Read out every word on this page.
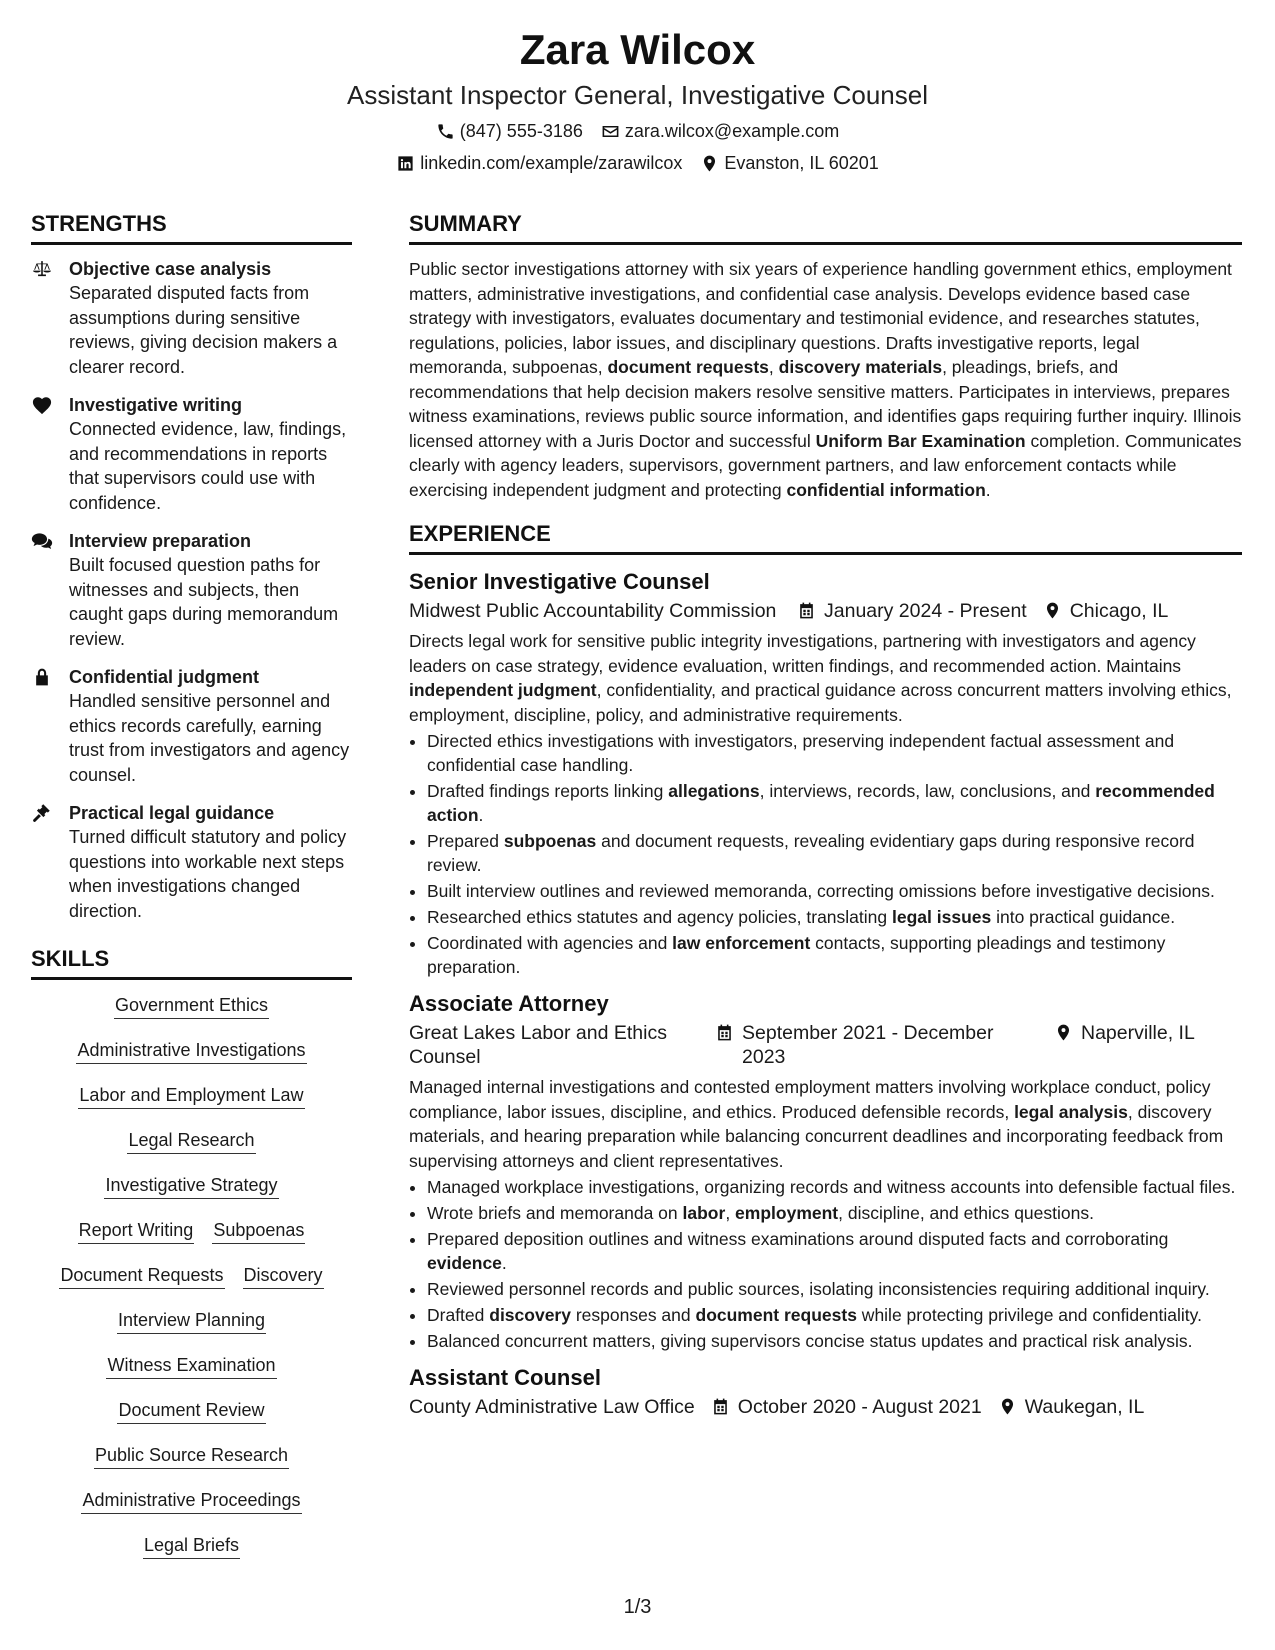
Zara Wilcox
Assistant Inspector General, Investigative Counsel
(847) 555-3186 zara.wilcox@example.com
linkedin.com/example/zarawilcox Evanston, IL 60201
STRENGTHS
Objective case analysis
Separated disputed facts from assumptions during sensitive reviews, giving decision makers a clearer record.
Investigative writing
Connected evidence, law, findings, and recommendations in reports that supervisors could use with confidence.
Interview preparation
Built focused question paths for witnesses and subjects, then caught gaps during memorandum review.
Confidential judgment
Handled sensitive personnel and ethics records carefully, earning trust from investigators and agency counsel.
Practical legal guidance
Turned difficult statutory and policy questions into workable next steps when investigations changed direction.
SKILLS
Government Ethics
Administrative Investigations
Labor and Employment Law
Legal Research
Investigative Strategy
Report Writing Subpoenas
Document Requests Discovery
Interview Planning
Witness Examination
Document Review
Public Source Research
Administrative Proceedings
Legal Briefs
SUMMARY

Public sector investigations attorney with six years of experience handling government ethics, employment matters, administrative investigations, and confidential case analysis. Develops evidence based case strategy with investigators, evaluates documentary and testimonial evidence, and researches statutes, regulations, policies, labor issues, and disciplinary questions. Drafts investigative reports, legal memoranda, subpoenas, document requests, discovery materials, pleadings, briefs, and recommendations that help decision makers resolve sensitive matters. Participates in interviews, prepares witness examinations, reviews public source information, and identifies gaps requiring further inquiry. Illinois licensed attorney with a Juris Doctor and successful Uniform Bar Examination completion. Communicates clearly with agency leaders, supervisors, government partners, and law enforcement contacts while exercising independent judgment and protecting confidential information.

EXPERIENCE
Senior Investigative Counsel
Midwest Public Accountability Commission January 2024 - Present Chicago, IL

Directs legal work for sensitive public integrity investigations, partnering with investigators and agency leaders on case strategy, evidence evaluation, written findings, and recommended action. Maintains independent judgment, confidentiality, and practical guidance across concurrent matters involving ethics, employment, discipline, policy, and administrative requirements.

• Directed ethics investigations with investigators, preserving independent factual assessment and confidential case handling.
• Drafted findings reports linking allegations, interviews, records, law, conclusions, and recommended action.
• Prepared subpoenas and document requests, revealing evidentiary gaps during responsive record review.
• Built interview outlines and reviewed memoranda, correcting omissions before investigative decisions.
• Researched ethics statutes and agency policies, translating legal issues into practical guidance.
• Coordinated with agencies and law enforcement contacts, supporting pleadings and testimony preparation.
Associate Attorney
Great Lakes Labor and Ethics Counsel
September 2021 - December 2023
Naperville, IL

Managed internal investigations and contested employment matters involving workplace conduct, policy compliance, labor issues, discipline, and ethics. Produced defensible records, legal analysis, discovery materials, and hearing preparation while balancing concurrent deadlines and incorporating feedback from supervising attorneys and client representatives.

• Managed workplace investigations, organizing records and witness accounts into defensible factual files.
• Wrote briefs and memoranda on labor, employment, discipline, and ethics questions.
• Prepared deposition outlines and witness examinations around disputed facts and corroborating evidence.
• Reviewed personnel records and public sources, isolating inconsistencies requiring additional inquiry.
• Drafted discovery responses and document requests while protecting privilege and confidentiality.
• Balanced concurrent matters, giving supervisors concise status updates and practical risk analysis.
Assistant Counsel
County Administrative Law Office October 2020 - August 2021 Waukegan, IL
1/3
